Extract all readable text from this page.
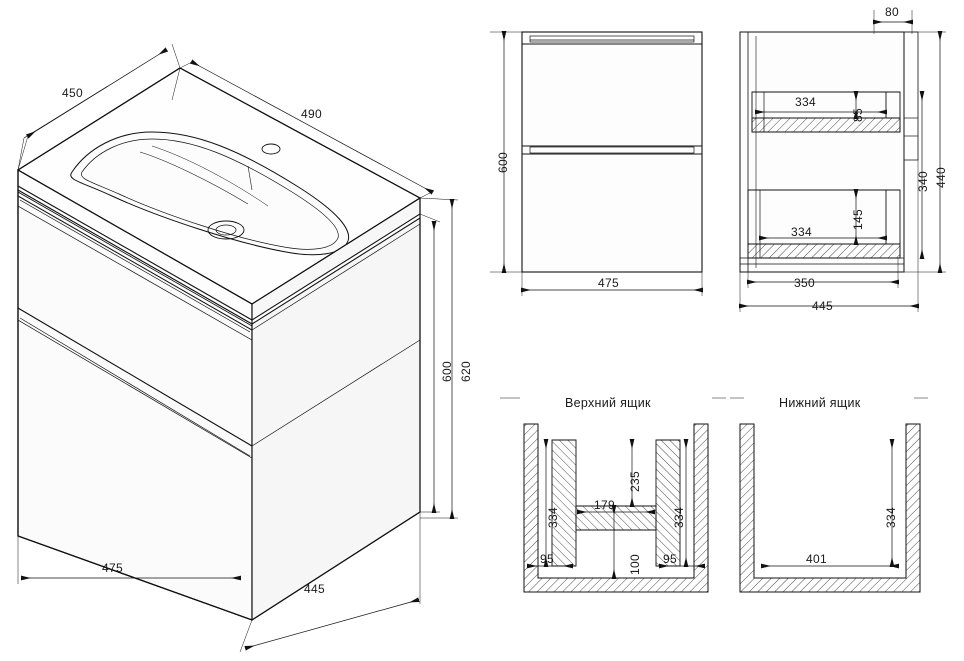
450
490
600 620
475
445
600
475
80
334
85
440
340
334
145
350
445
Верхний ящик
334
235
179
334
95	100 95
Нижний ящик
334
401
